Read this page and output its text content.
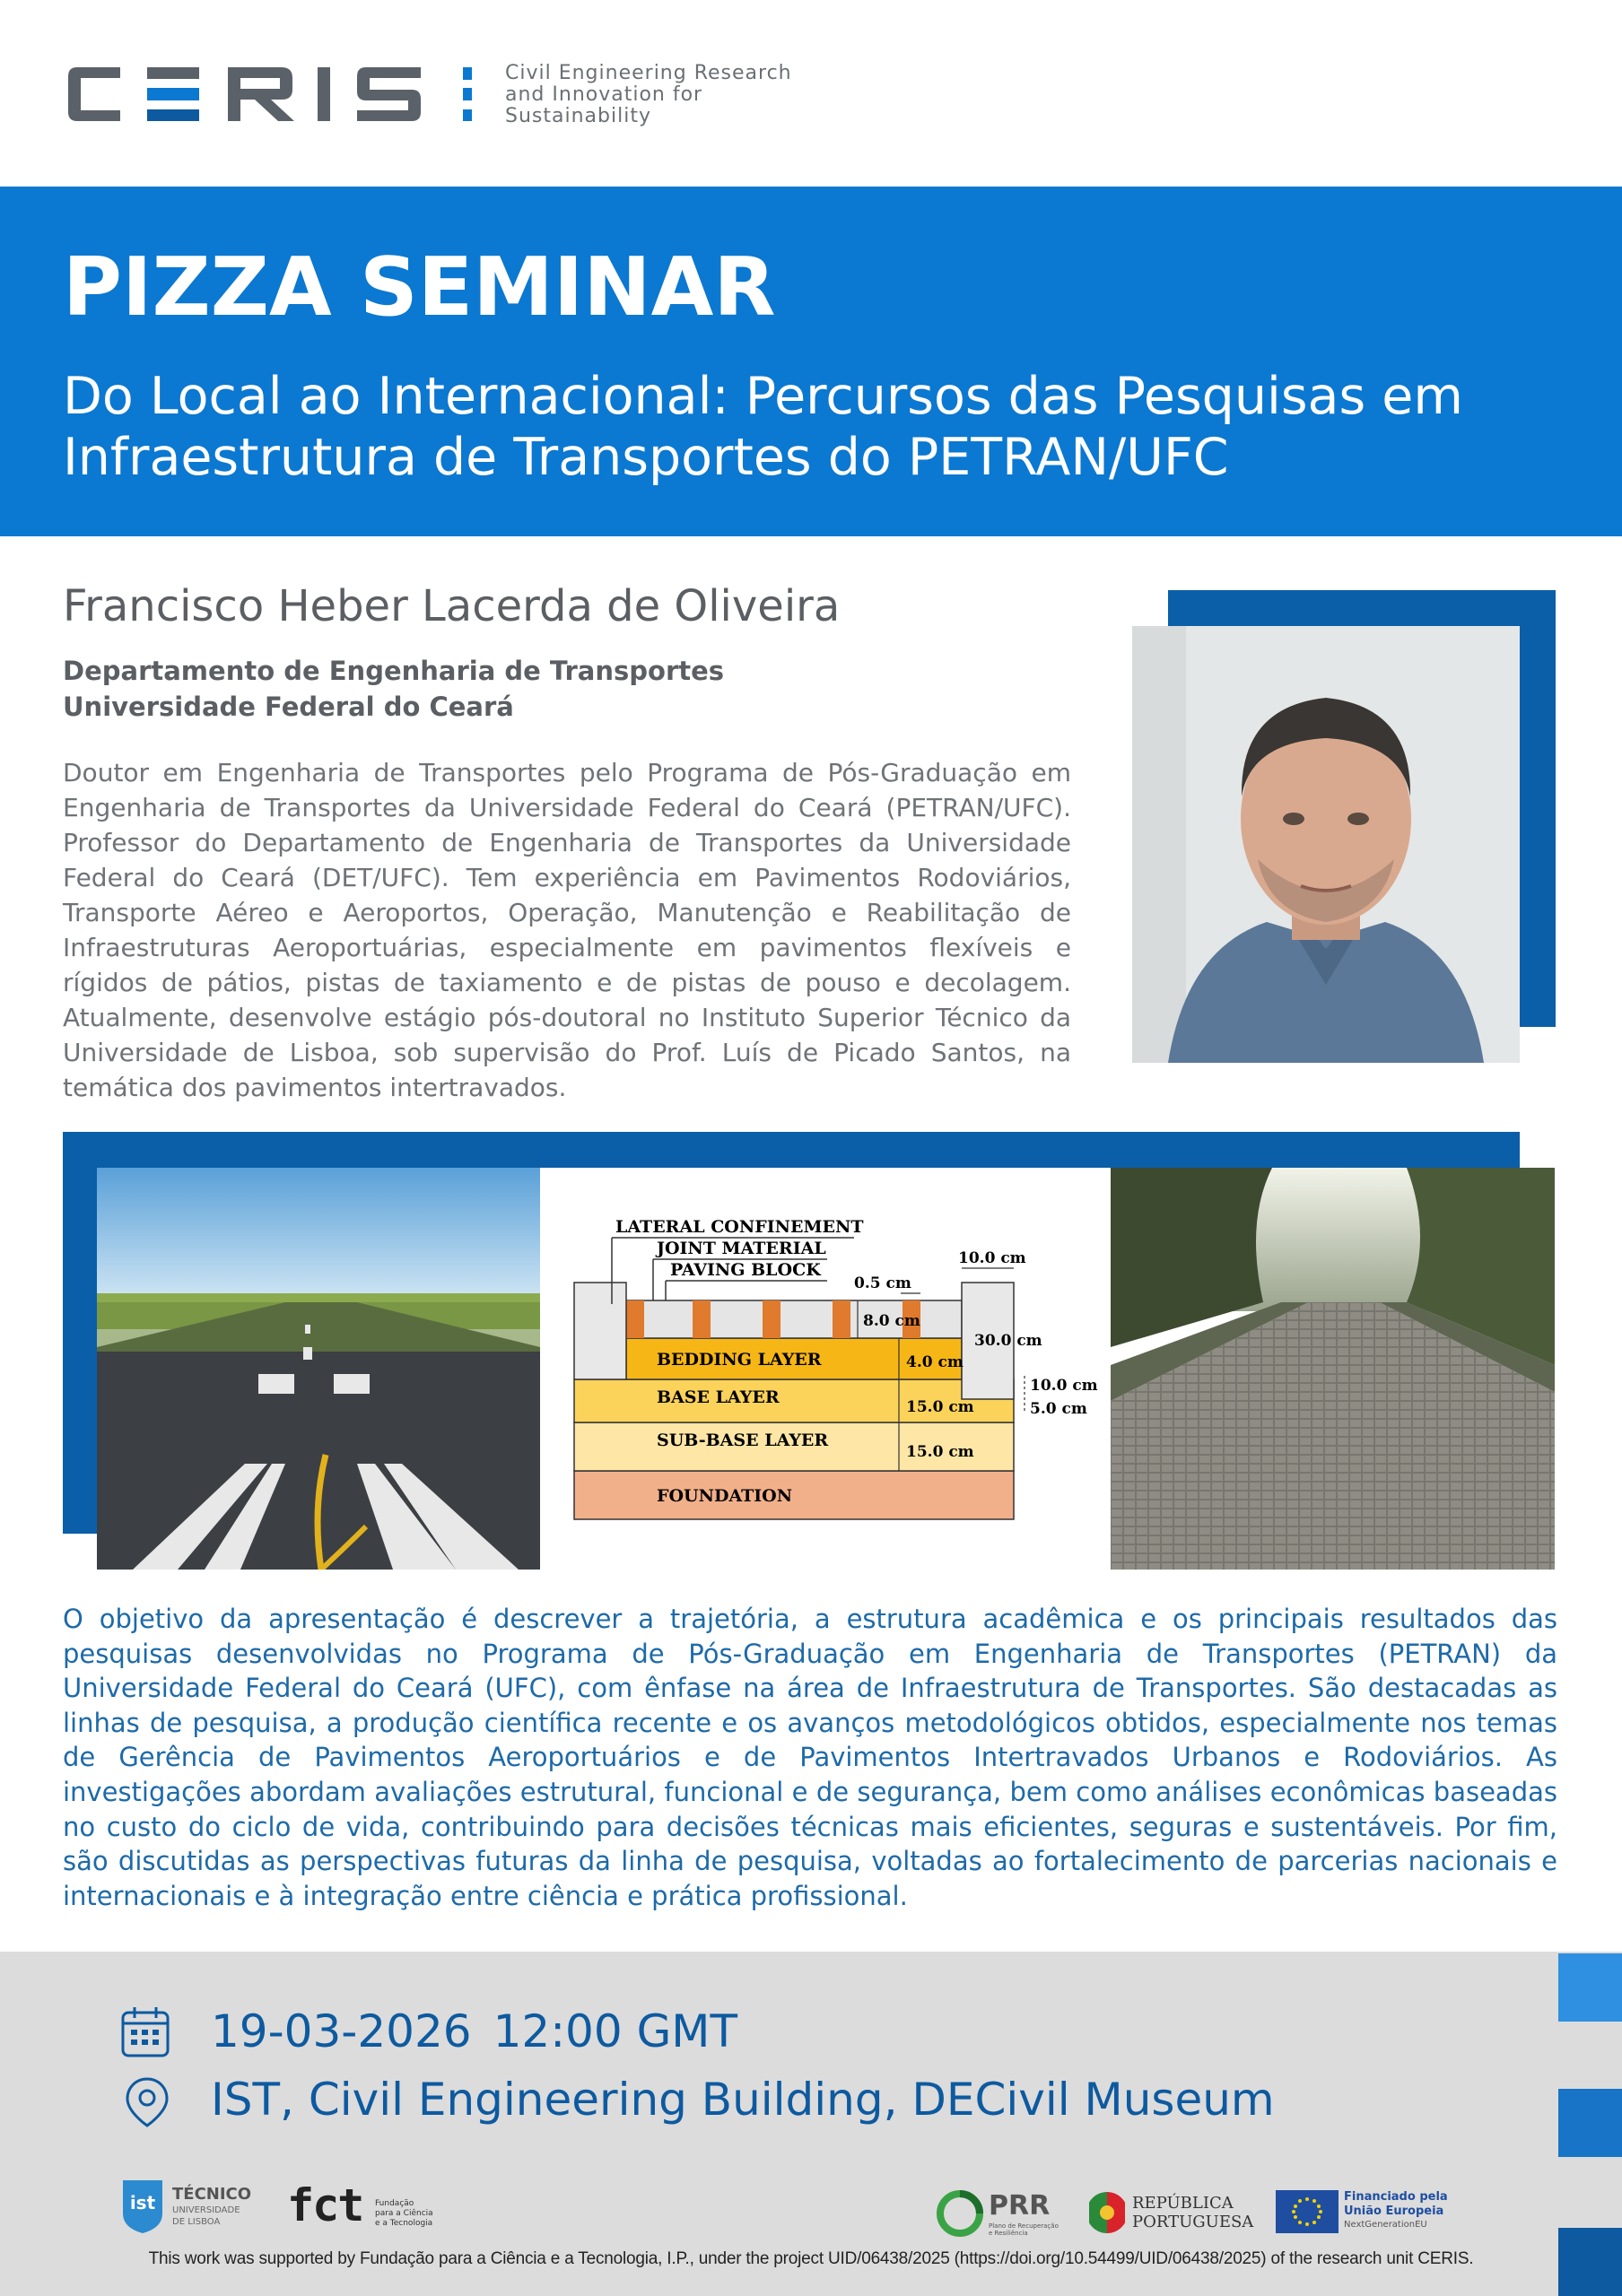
Civil Engineering Research
and Innovation for
Sustainability
PIZZA SEMINAR
Do Local ao Internacional: Percursos das Pesquisas em Infraestrutura de Transportes do PETRAN/UFC
Francisco Heber Lacerda de Oliveira
Departamento de Engenharia de Transportes
Universidade Federal do Ceará
Doutor em Engenharia de Transportes pelo Programa de Pós-Graduação em Engenharia de Transportes da Universidade Federal do Ceará (PETRAN/UFC). Professor do Departamento de Engenharia de Transportes da Universidade Federal do Ceará (DET/UFC). Tem experiência em Pavimentos Rodoviários, Transporte Aéreo e Aeroportos, Operação, Manutenção e Reabilitação de Infraestruturas Aeroportuárias, especialmente em pavimentos flexíveis e rígidos de pátios, pistas de taxiamento e de pistas de pouso e decolagem. Atualmente, desenvolve estágio pós-doutoral no Instituto Superior Técnico da Universidade de Lisboa, sob supervisão do Prof. Luís de Picado Santos, na temática dos pavimentos intertravados.
LATERAL CONFINEMENT
JOINT MATERIAL
PAVING BLOCK
BEDDING LAYER
BASE LAYER
SUB-BASE LAYER
FOUNDATION
0.5 cm
10.0 cm
8.0 cm
30.0 cm
4.0 cm
10.0 cm
5.0 cm
15.0 cm
15.0 cm
O objetivo da apresentação é descrever a trajetória, a estrutura acadêmica e os principais resultados das pesquisas desenvolvidas no Programa de Pós-Graduação em Engenharia de Transportes (PETRAN) da Universidade Federal do Ceará (UFC), com ênfase na área de Infraestrutura de Transportes. São destacadas as linhas de pesquisa, a produção científica recente e os avanços metodológicos obtidos, especialmente nos temas de Gerência de Pavimentos Aeroportuários e de Pavimentos Intertravados Urbanos e Rodoviários. As investigações abordam avaliações estrutural, funcional e de segurança, bem como análises econômicas baseadas no custo do ciclo de vida, contribuindo para decisões técnicas mais eficientes, seguras e sustentáveis. Por fim, são discutidas as perspectivas futuras da linha de pesquisa, voltadas ao fortalecimento de parcerias nacionais e internacionais e à integração entre ciência e prática profissional.
19-03-2026 12:00 GMT
IST, Civil Engineering Building, DECivil Museum
ist TÉCNICO
UNIVERSIDADE
DE LISBOA fct Fundação
para a Ciência
e a Tecnologia
PRR
Plano de Recuperação
e Resiliência
REPÚBLICA
PORTUGUESA
Financiado pela
União Europeia
NextGenerationEU
This work was supported by Fundação para a Ciência e a Tecnologia, I.P., under the project UID/06438/2025 (https://doi.org/10.54499/UID/06438/2025) of the research unit CERIS.
